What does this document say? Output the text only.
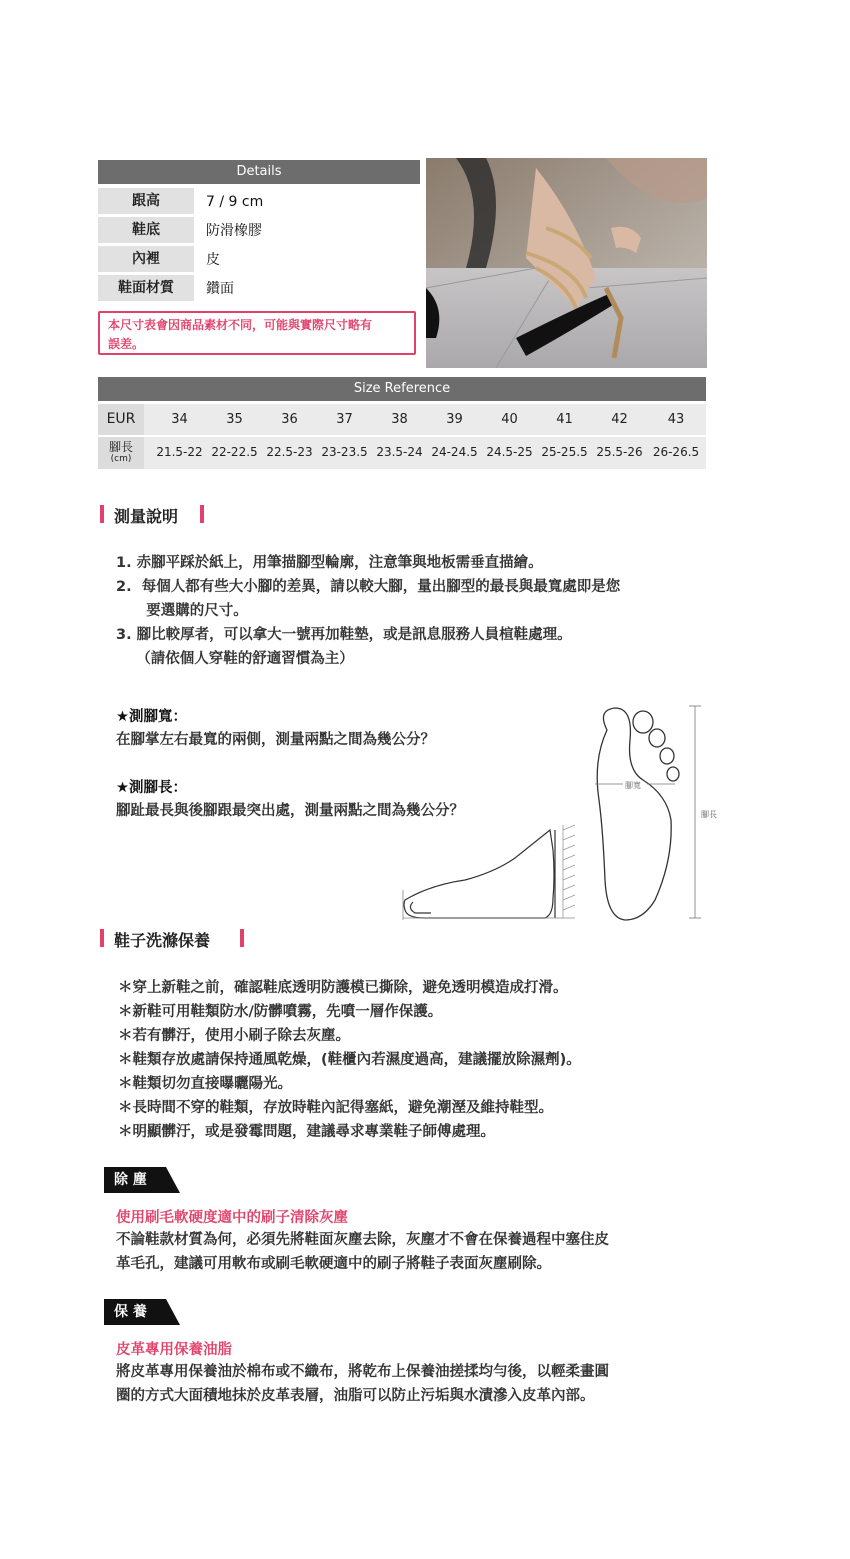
Details
跟高	7 / 9 cm
鞋底	防滑橡膠
內裡	皮
鞋面材質	鑽面
本尺寸表會因商品素材不同，可能與實際尺寸略有
誤差。
Size Reference
EUR	34	35	36	37	38	39	40	41	42	43
腳長
(cm)	21.5-22 22-22.5 22.5-23 23-23.5 23.5-24 24-24.5 24.5-25 25-25.5 25.5-26 26-26.5
測量說明
1. 赤腳平踩於紙上，用筆描腳型輪廓，注意筆與地板需垂直描繪。
2.  每個人都有些大小腳的差異，請以較大腳，量出腳型的最長與最寬處即是您
要選購的尺寸。
3. 腳比較厚者，可以拿大一號再加鞋墊，或是訊息服務人員楦鞋處理。
（請依個人穿鞋的舒適習慣為主）
★測腳寬：
在腳掌左右最寬的兩側，測量兩點之間為幾公分？
★測腳長：
腳趾最長與後腳跟最突出處，測量兩點之間為幾公分？
腳寬
腳長
鞋子洗滌保養
＊穿上新鞋之前，確認鞋底透明防護模已撕除，避免透明模造成打滑。
＊新鞋可用鞋類防水/防髒噴霧，先噴一層作保護。
＊若有髒汙，使用小刷子除去灰塵。
＊鞋類存放處請保持通風乾燥，(鞋櫃內若濕度過高，建議擺放除濕劑)。
＊鞋類切勿直接曝曬陽光。
＊長時間不穿的鞋類，存放時鞋內記得塞紙，避免潮溼及維持鞋型。
＊明顯髒汙，或是發霉問題，建議尋求專業鞋子師傅處理。
除 塵
使用刷毛軟硬度適中的刷子清除灰塵
不論鞋款材質為何，必須先將鞋面灰塵去除，灰塵才不會在保養過程中塞住皮
革毛孔，建議可用軟布或刷毛軟硬適中的刷子將鞋子表面灰塵刷除。
保 養
皮革專用保養油脂
將皮革專用保養油於棉布或不織布，將乾布上保養油搓揉均勻後，以輕柔畫圓
圈的方式大面積地抹於皮革表層，油脂可以防止污垢與水漬滲入皮革內部。
